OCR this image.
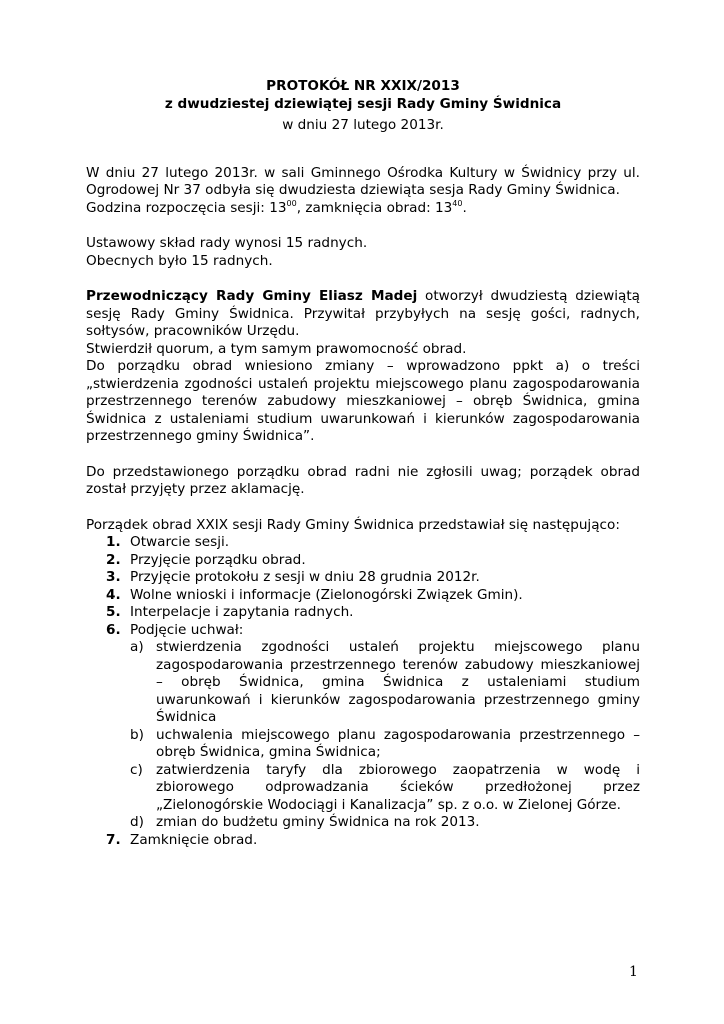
PROTOKÓŁ NR XXIX/2013

z dwudziestej dziewiątej sesji Rady Gminy Świdnica

w dniu 27 lutego 2013r.

W dniu 27 lutego 2013r. w sali Gminnego Ośrodka Kultury w Świdnicy przy ul. Ogrodowej Nr 37 odbyła się dwudziesta dziewiąta sesja Rady Gminy Świdnica.

Godzina rozpoczęcia sesji: $13^{00}$, zamknięcia obrad: $13^{40}$.

Ustawowy skład rady wynosi 15 radnych.

Obecnych było 15 radnych.

Przewodniczący Rady Gminy Eliasz Madej otworzył dwudziestą dziewiątą sesję Rady Gminy Świdnica. Przywitał przybyłych na sesję gości, radnych, sołtysów, pracowników Urzędu.

Stwierdził quorum, a tym samym prawomocność obrad.

Do porządku obrad wniesiono zmiany – wprowadzono ppkt a) o treści „stwierdzenia zgodności ustaleń projektu miejscowego planu zagospodarowania przestrzennego terenów zabudowy mieszkaniowej – obręb Świdnica, gmina Świdnica z ustaleniami studium uwarunkowań i kierunków zagospodarowania przestrzennego gminy Świdnica”.

Do przedstawionego porządku obrad radni nie zgłosili uwag; porządek obrad został przyjęty przez aklamację.

Porządek obrad XXIX sesji Rady Gminy Świdnica przedstawiał się następująco:

1. Otwarcie sesji.
2. Przyjęcie porządku obrad.
3. Przyjęcie protokołu z sesji w dniu 28 grudnia 2012r.
4. Wolne wnioski i informacje (Zielonogórski Związek Gmin).
5. Interpelacje i zapytania radnych.
6. Podjęcie uchwał:
a) stwierdzenia zgodności ustaleń projektu miejscowego planu zagospodarowania przestrzennego terenów zabudowy mieszkaniowej – obręb Świdnica, gmina Świdnica z ustaleniami studium uwarunkowań i kierunków zagospodarowania przestrzennego gminy Świdnica
b) uchwalenia miejscowego planu zagospodarowania przestrzennego – obręb Świdnica, gmina Świdnica;
c) zatwierdzenia taryfy dla zbiorowego zaopatrzenia w wodę i zbiorowego odprowadzania ścieków przedłożonej przez „Zielonogórskie Wodociągi i Kanalizacja” sp. z o.o. w Zielonej Górze.
d) zmian do budżetu gminy Świdnica na rok 2013.
7. Zamknięcie obrad.
1
